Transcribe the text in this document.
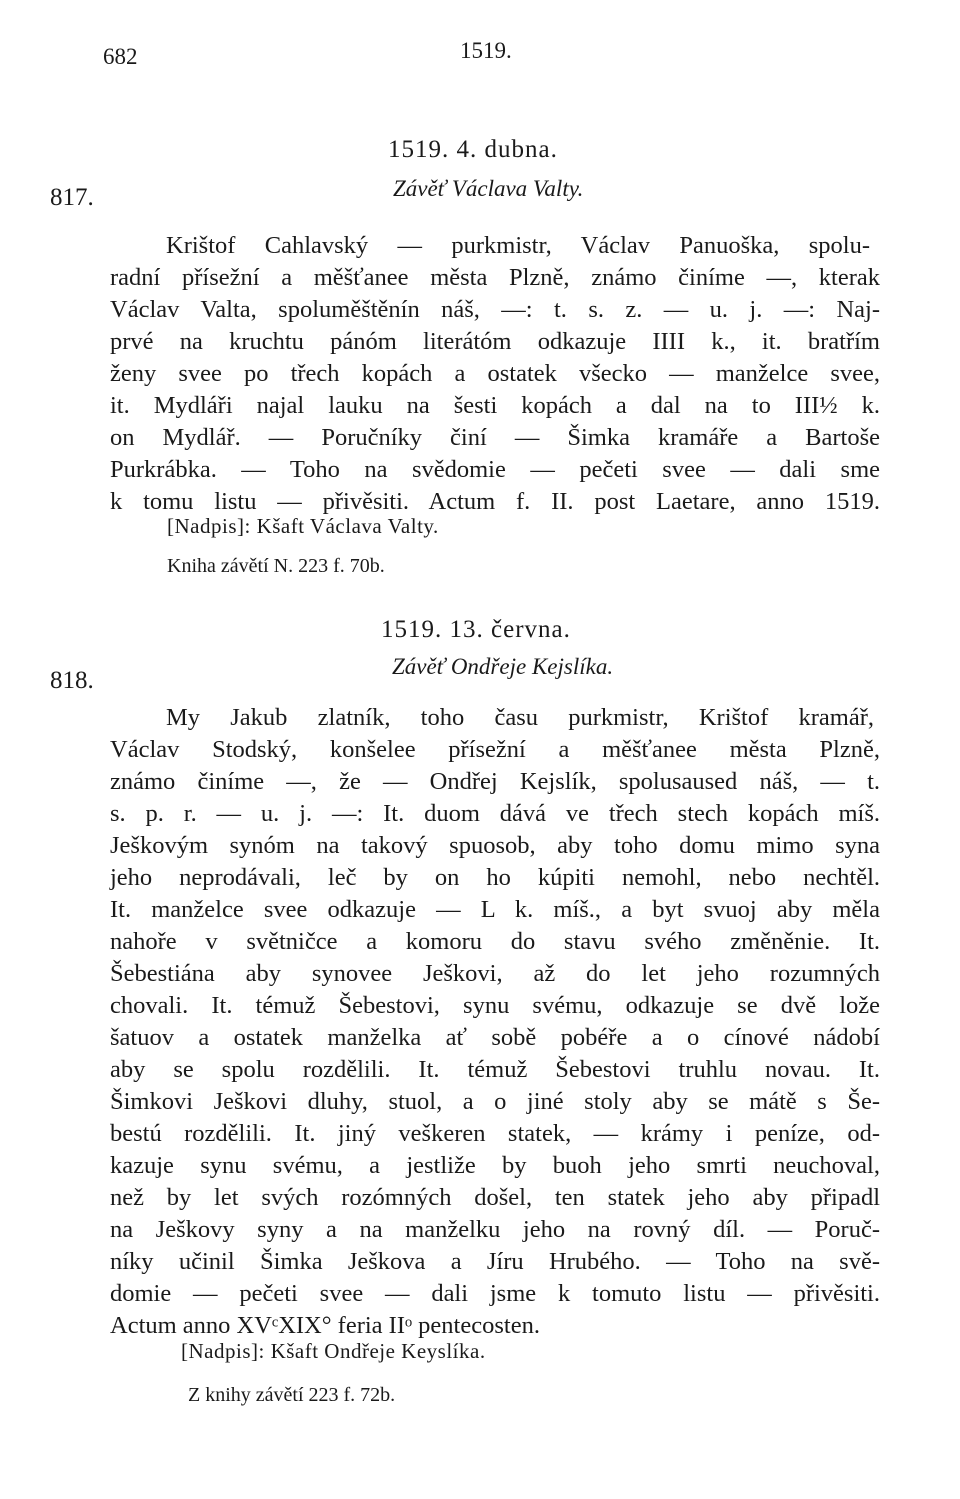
682	1519.
817.
1519. 4. dubna.
Závěť Václava Valty.
Krištof Cahlavský — purkmistr, Václav Panuoška, spolu-
radní přísežní a měšťanee města Plzně, známo činíme —, kterak
Václav Valta, spoluměštěnín náš, —: t. s. z. — u. j. —: Naj-
prvé na kruchtu pánóm literátóm odkazuje IIII k., it. bratřím
ženy svee po třech kopách a ostatek všecko — manželce svee,
it. Mydláři najal lauku na šesti kopách a dal na to III½ k.
on Mydlář. — Poručníky činí — Šimka kramáře a Bartoše
Purkrábka. — Toho na svědomie — pečeti svee — dali sme
k tomu listu — přivěsiti. Actum f. II. post Laetare, anno 1519.
[Nadpis]: Kšaft Václava Valty.
Kniha závětí N. 223 f. 70b.
818.
1519. 13. června.
Závěť Ondřeje Kejslíka.
My Jakub zlatník, toho času purkmistr, Krištof kramář,
Václav Stodský, konšelee přísežní a měšťanee města Plzně,
známo činíme —, že — Ondřej Kejslík, spolusaused náš, — t.
s. p. r. — u. j. —: It. duom dává ve třech stech kopách míš.
Ješkovým synóm na takový spuosob, aby toho domu mimo syna
jeho neprodávali, leč by on ho kúpiti nemohl, nebo nechtěl.
It. manželce svee odkazuje — L k. míš., a byt svuoj aby měla
nahoře v světničce a komoru do stavu svého změněnie. It.
Šebestiána aby synovee Ješkovi, až do let jeho rozumných
chovali. It. témuž Šebestovi, synu svému, odkazuje se dvě lože
šatuov a ostatek manželka ať sobě pobéře a o cínové nádobí
aby se spolu rozdělili. It. témuž Šebestovi truhlu novau. It.
Šimkovi Ješkovi dluhy, stuol, a o jiné stoly aby se mátě s Še-
bestú rozdělili. It. jiný veškeren statek, — krámy i peníze, od-
kazuje synu svému, a jestliže by buoh jeho smrti neuchoval,
než by let svých rozómných došel, ten statek jeho aby připadl
na Ješkovy syny a na manželku jeho na rovný díl. — Poruč-
níky učinil Šimka Ješkova a Jíru Hrubého. — Toho na svě-
domie — pečeti svee — dali jsme k tomuto listu — přivěsiti.
Actum anno XVᶜXIX° feria IIᵒ pentecosten.
[Nadpis]: Kšaft Ondřeje Keyslíka.
Z knihy závětí 223 f. 72b.
